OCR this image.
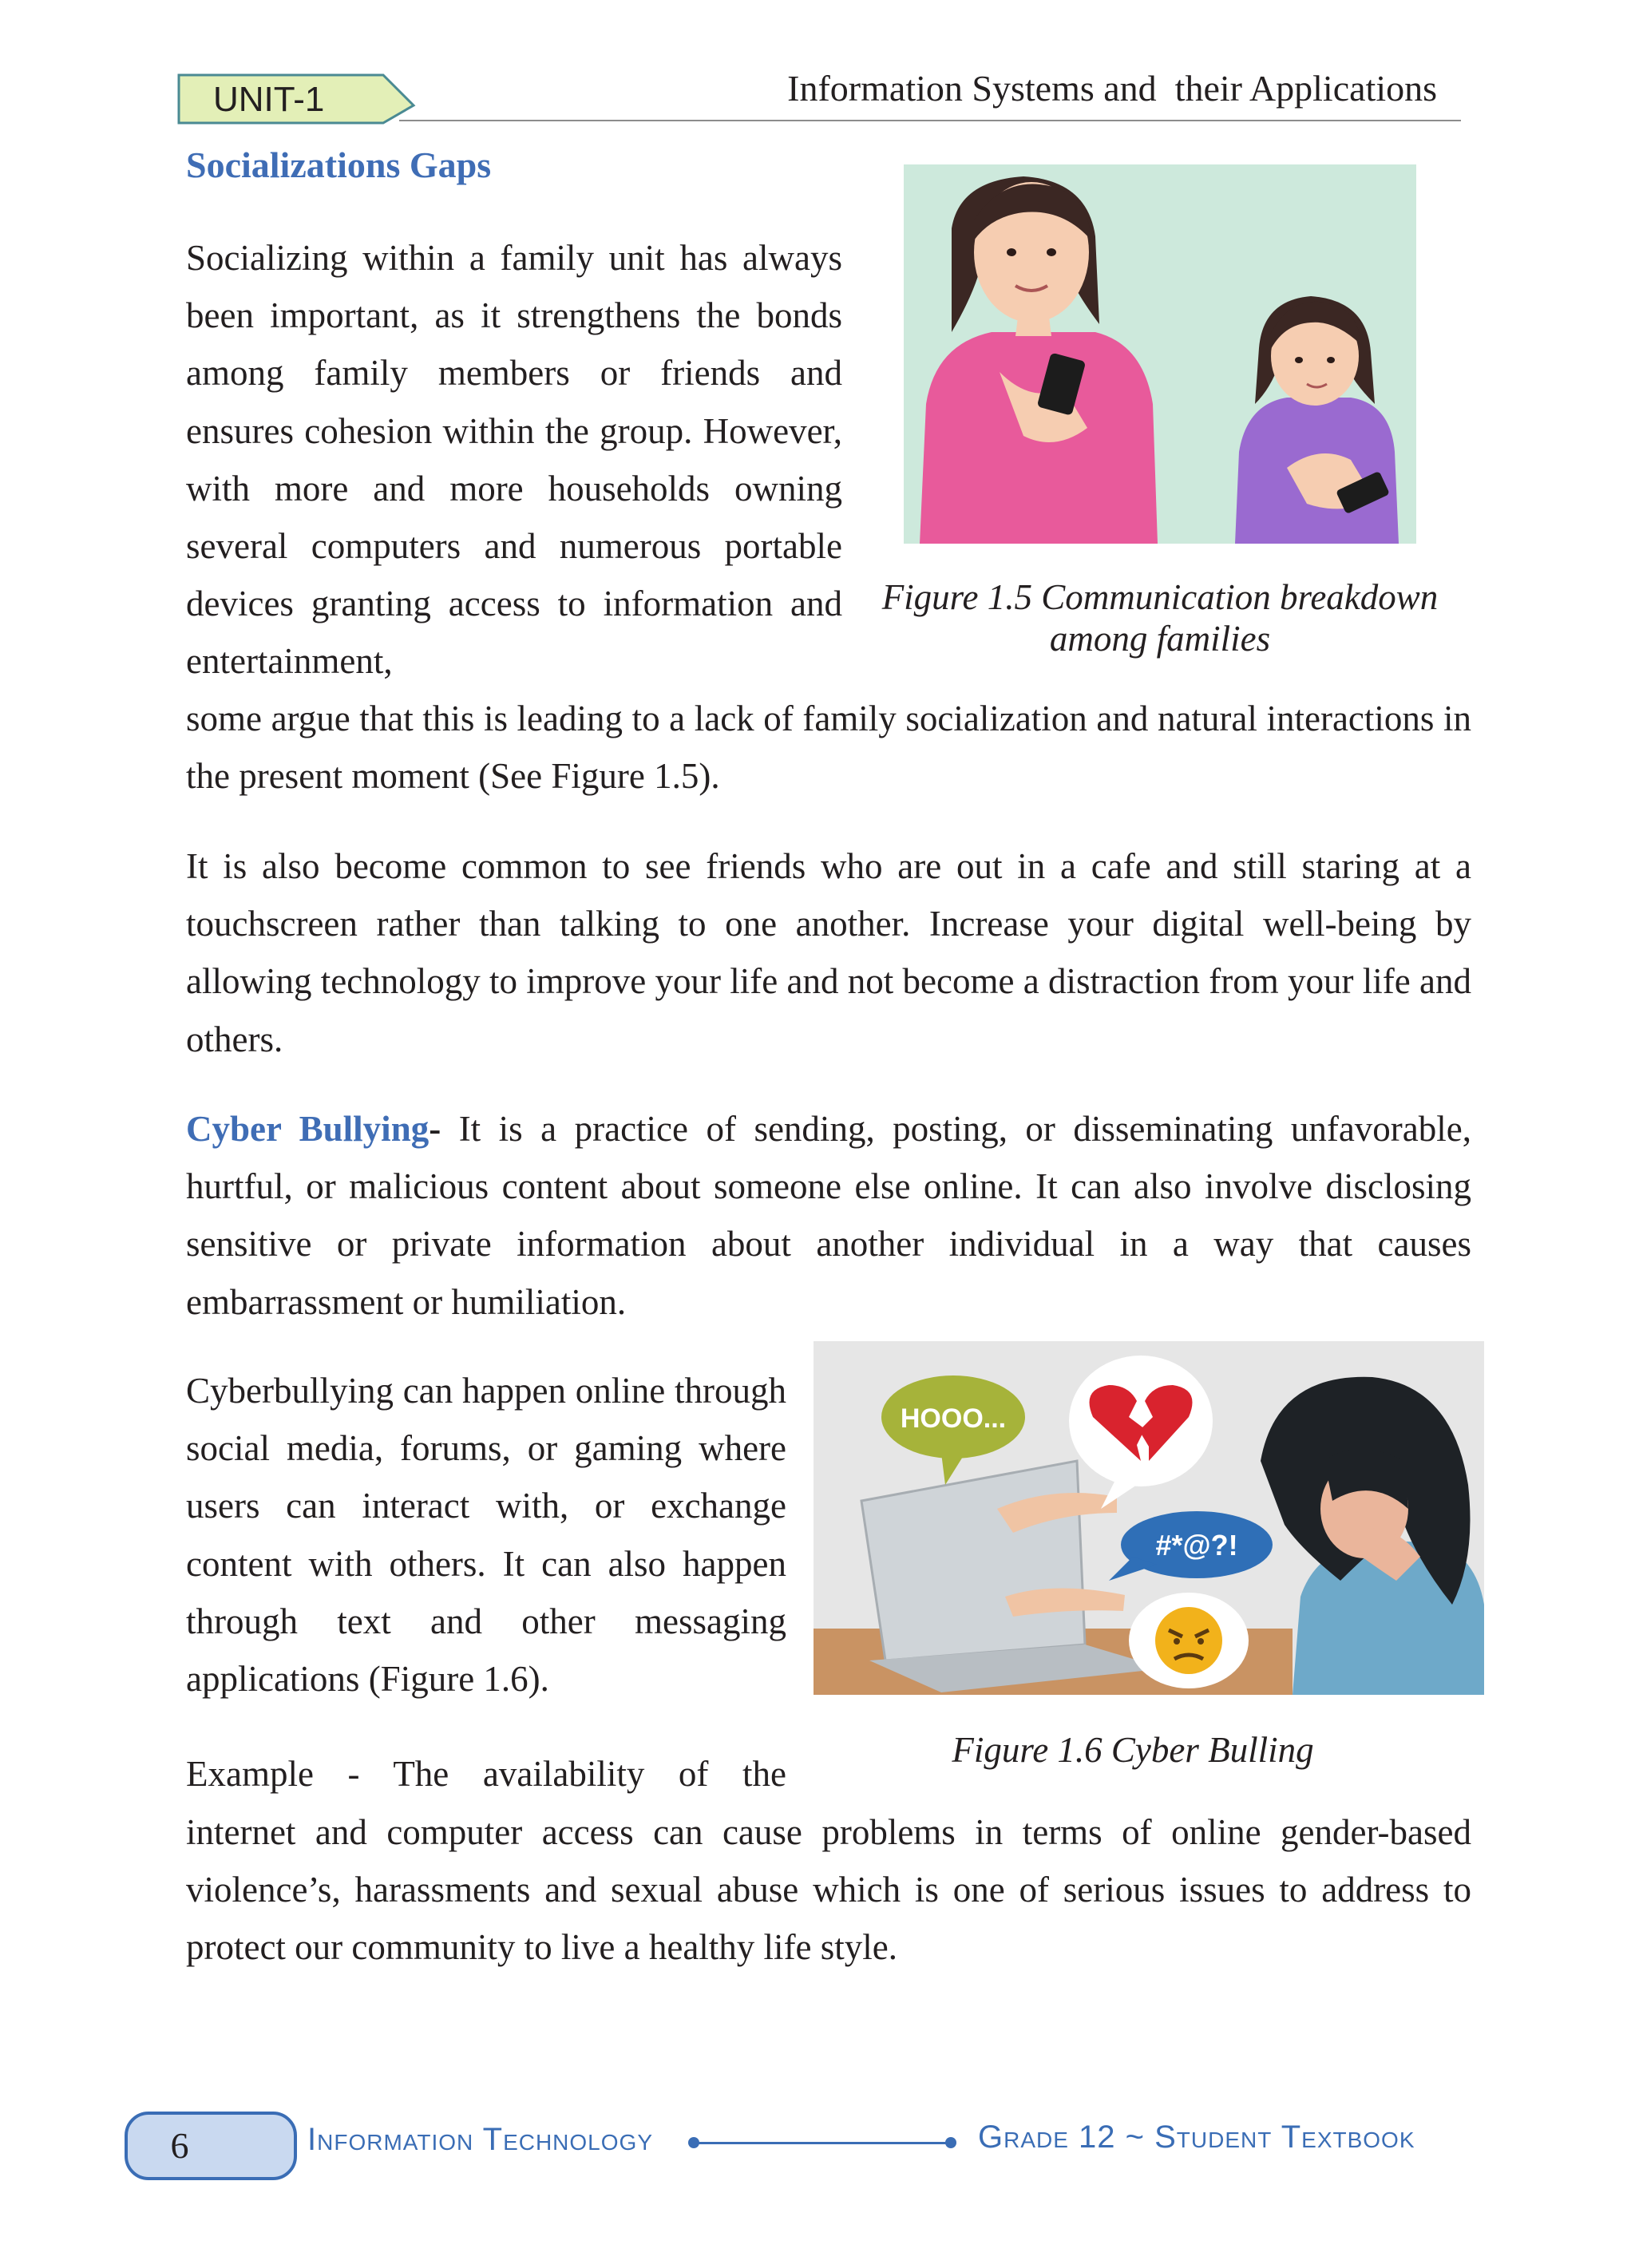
UNIT-1	Information Systems and  their Applications
Socializations Gaps
Socializing within a family unit has always been important, as it strengthens the bonds among family members or friends and ensures cohesion within the group. However, with more and more households owning several computers and numerous portable devices granting access to information and entertainment,
Figure 1.5 Communication breakdown
among families
some argue that this is leading to a lack of family socialization and natural interactions in the present moment (See Figure 1.5).
It is also become common to see friends who are out in a cafe and still staring at a touchscreen rather than talking to one another. Increase your digital well-being by allowing technology to improve your life and not become a distraction from your life and others.
Cyber Bullying- It is a practice of sending, posting, or disseminating unfavorable, hurtful, or malicious content about someone else online. It can also involve disclosing sensitive or private information about another individual in a way that causes embarrassment or humiliation.
HOOO...
#*@?!
Cyberbullying can happen online through social media, forums, or gaming where users can interact with, or exchange content with others. It can also happen through text and other messaging applications (Figure 1.6).
Figure 1.6 Cyber Bulling
Example - The availability of the
internet and computer access can cause problems in terms of online gender-based violence’s, harassments and sexual abuse which is one of serious issues to address to protect our community to live a healthy life style.
6	Information Technology	Grade 12 ~ Student Textbook
